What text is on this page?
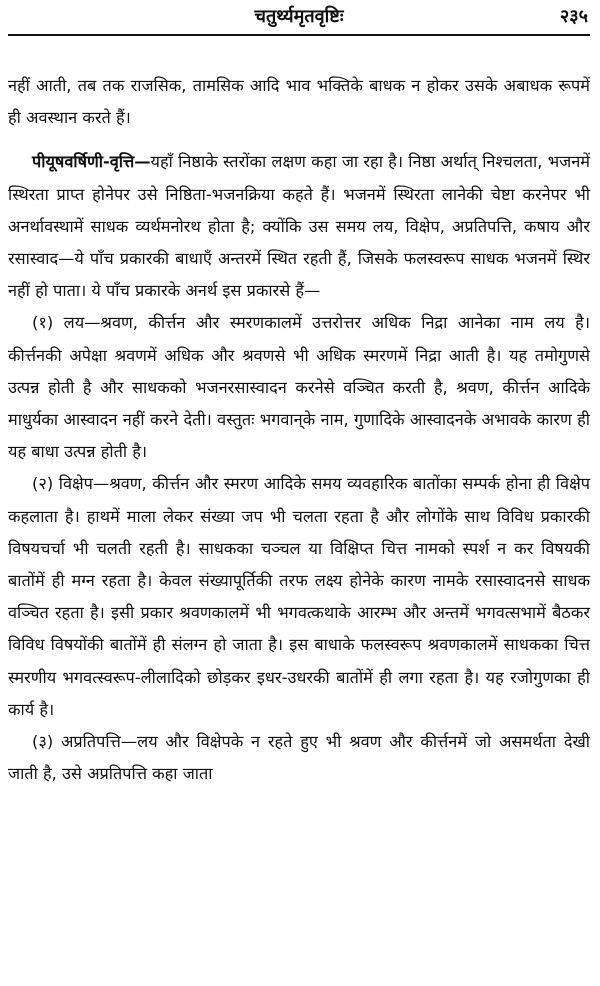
चतुर्थ्यमृतवृष्टिः	२३५

नहीं आती, तब तक राजसिक, तामसिक आदि भाव भक्तिके बाधक न होकर उसके अबाधक रूपमें ही अवस्थान करते हैं।

पीयूषवर्षिणी-वृत्ति—यहाँ निष्ठाके स्तरोंका लक्षण कहा जा रहा है। निष्ठा अर्थात् निश्चलता, भजनमें स्थिरता प्राप्त होनेपर उसे निष्ठिता-भजनक्रिया कहते हैं। भजनमें स्थिरता लानेकी चेष्टा करनेपर भी अनर्थावस्थामें साधक व्यर्थमनोरथ होता है; क्योंकि उस समय लय, विक्षेप, अप्रतिपत्ति, कषाय और रसास्वाद—ये पाँच प्रकारकी बाधाएँ अन्तरमें स्थित रहती हैं, जिसके फलस्वरूप साधक भजनमें स्थिर नहीं हो पाता। ये पाँच प्रकारके अनर्थ इस प्रकारसे हैं—

(१) लय—श्रवण, कीर्त्तन और स्मरणकालमें उत्तरोत्तर अधिक निद्रा आनेका नाम लय है। कीर्त्तनकी अपेक्षा श्रवणमें अधिक और श्रवणसे भी अधिक स्मरणमें निद्रा आती है। यह तमोगुणसे उत्पन्न होती है और साधकको भजनरसास्वादन करनेसे वञ्चित करती है, श्रवण, कीर्त्तन आदिके माधुर्यका आस्वादन नहीं करने देती। वस्तुतः भगवान्‌के नाम, गुणादिके आस्वादनके अभावके कारण ही यह बाधा उत्पन्न होती है।

(२) विक्षेप—श्रवण, कीर्त्तन और स्मरण आदिके समय व्यवहारिक बातोंका सम्पर्क होना ही विक्षेप कहलाता है। हाथमें माला लेकर संख्या जप भी चलता रहता है और लोगोंके साथ विविध प्रकारकी विषयचर्चा भी चलती रहती है। साधकका चञ्चल या विक्षिप्त चित्त नामको स्पर्श न कर विषयकी बातोंमें ही मग्न रहता है। केवल संख्यापूर्तिकी तरफ लक्ष्य होनेके कारण नामके रसास्वादनसे साधक वञ्चित रहता है। इसी प्रकार श्रवणकालमें भी भगवत्कथाके आरम्भ और अन्तमें भगवत्सभामें बैठकर विविध विषयोंकी बातोंमें ही संलग्न हो जाता है। इस बाधाके फलस्वरूप श्रवणकालमें साधकका चित्त स्मरणीय भगवत्स्वरूप-लीलादिको छोड़कर इधर-उधरकी बातोंमें ही लगा रहता है। यह रजोगुणका ही कार्य है।

(३) अप्रतिपत्ति—लय और विक्षेपके न रहते हुए भी श्रवण और कीर्त्तनमें जो असमर्थता देखी जाती है, उसे अप्रतिपत्ति कहा जाता
